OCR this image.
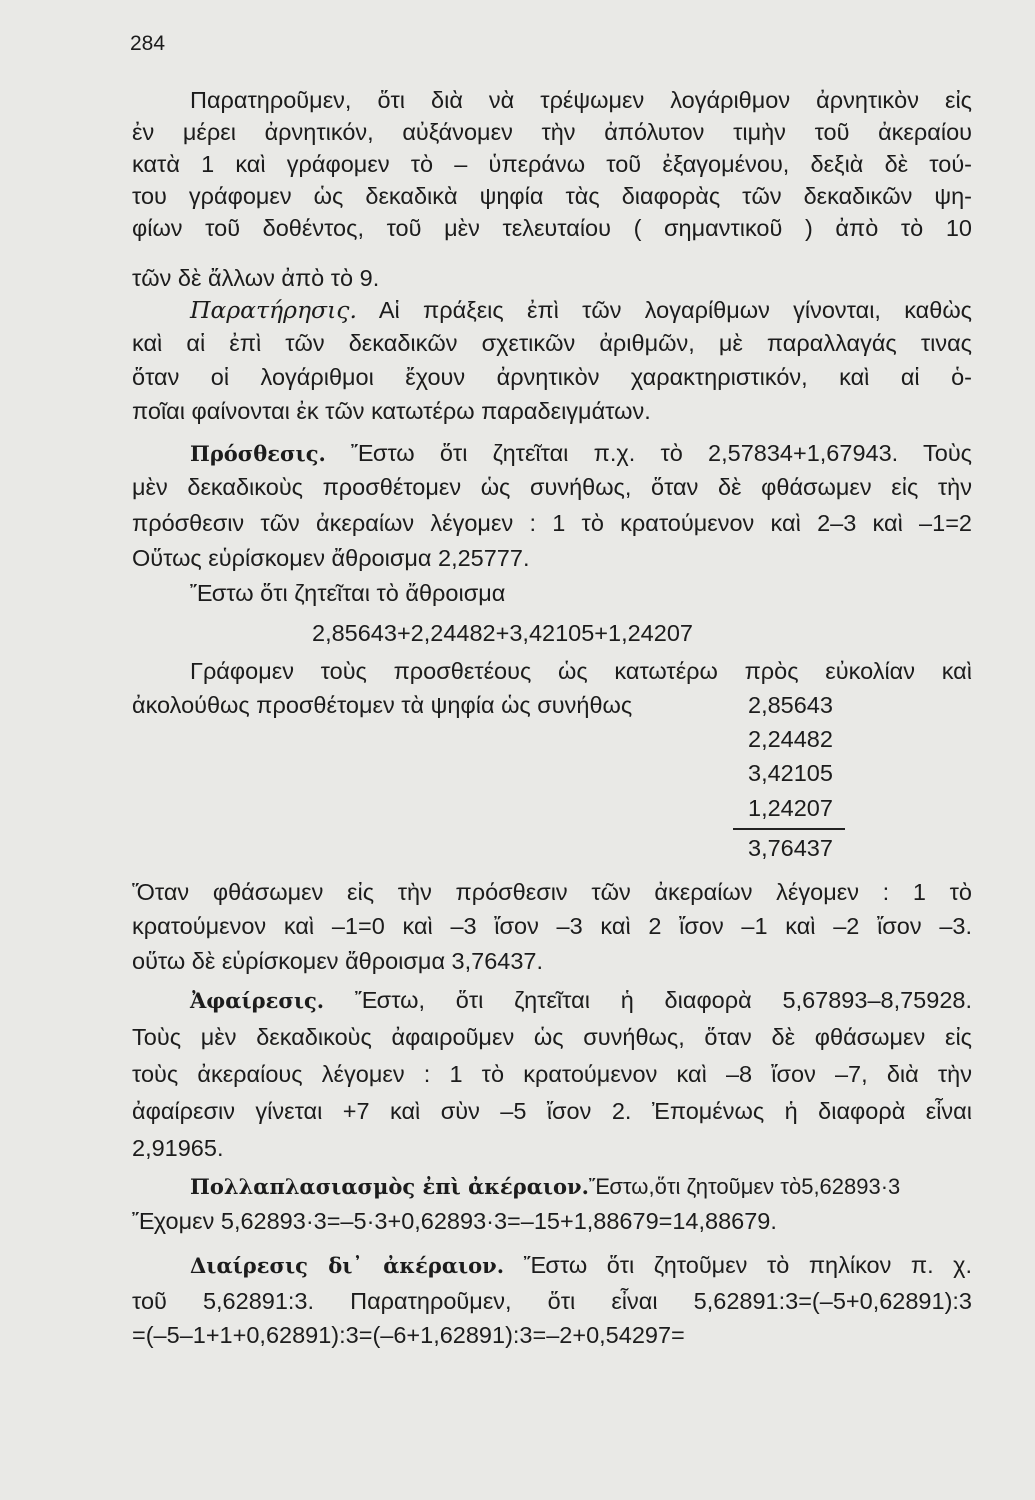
284
Παρατηροῦμεν, ὅτι διὰ νὰ τρέψωμεν λογάριθμον ἀρνητικὸν εἰς
ἐν μέρει ἀρνητικόν, αὐξάνομεν τὴν ἀπόλυτον τιμὴν τοῦ ἀκεραίου
κατὰ 1 καὶ γράφομεν τὸ – ὑπεράνω τοῦ ἐξαγομένου, δεξιὰ δὲ τού-
του γράφομεν ὡς δεκαδικὰ ψηφία τὰς διαφορὰς τῶν δεκαδικῶν ψη-
φίων τοῦ δοθέντος, τοῦ μὲν τελευταίου ( σημαντικοῦ ) ἀπὸ τὸ 10
τῶν δὲ ἄλλων ἀπὸ τὸ 9.
Παρατήρησις. Αἱ πράξεις ἐπὶ τῶν λογαρίθμων γίνονται, καθὼς
καὶ αἱ ἐπὶ τῶν δεκαδικῶν σχετικῶν ἀριθμῶν, μὲ παραλλαγάς τινας
ὅταν οἱ λογάριθμοι ἔχουν ἀρνητικὸν χαρακτηριστικόν, καὶ αἱ ὁ-
ποῖαι φαίνονται ἐκ τῶν κατωτέρω παραδειγμάτων.
Πρόσθεσις. Ἔστω ὅτι ζητεῖται π.χ. τὸ 2,57834+1,67943. Τοὺς
μὲν δεκαδικοὺς προσθέτομεν ὡς συνήθως, ὅταν δὲ φθάσωμεν εἰς τὴν
πρόσθεσιν τῶν ἀκεραίων λέγομεν : 1 τὸ κρατούμενον καὶ 2–3 καὶ –1=2
Οὕτως εὑρίσκομεν ἄθροισμα 2,25777.
Ἔστω ὅτι ζητεῖται τὸ ἄθροισμα
2,85643+2,24482+3,42105+1,24207
Γράφομεν τοὺς προσθετέους ὡς κατωτέρω πρὸς εὐκολίαν καὶ
ἀκολούθως προσθέτομεν τὰ ψηφία ὡς συνήθως	2,85643
2,24482
3,42105
1,24207
3,76437
Ὅταν φθάσωμεν εἰς τὴν πρόσθεσιν τῶν ἀκεραίων λέγομεν : 1 τὸ
κρατούμενον καὶ –1=0 καὶ –3 ἴσον –3 καὶ 2 ἴσον –1 καὶ –2 ἴσον –3.
οὕτω δὲ εὑρίσκομεν ἄθροισμα 3,76437.
Ἀφαίρεσις. Ἔστω, ὅτι ζητεῖται ἡ διαφορὰ 5,67893–8,75928.
Τοὺς μὲν δεκαδικοὺς ἀφαιροῦμεν ὡς συνήθως, ὅταν δὲ φθάσωμεν εἰς
τοὺς ἀκεραίους λέγομεν : 1 τὸ κρατούμενον καὶ –8 ἴσον –7, διὰ τὴν
ἀφαίρεσιν γίνεται +7 καὶ σὺν –5 ἴσον 2. Ἐπομένως ἡ διαφορὰ εἶναι
2,91965.
Πολλαπλασιασμὸς ἐπὶ ἀκέραιον.Ἔστω,ὅτι ζητοῦμεν τὸ5,62893·3
Ἔχομεν 5,62893·3=–5·3+0,62893·3=–15+1,88679=14,88679.
Διαίρεσις δι᾽ ἀκέραιον. Ἔστω ὅτι ζητοῦμεν τὸ πηλίκον π. χ.
τοῦ 5,62891:3. Παρατηροῦμεν, ὅτι εἶναι 5,62891:3=(–5+0,62891):3
=(–5–1+1+0,62891):3=(–6+1,62891):3=–2+0,54297=
